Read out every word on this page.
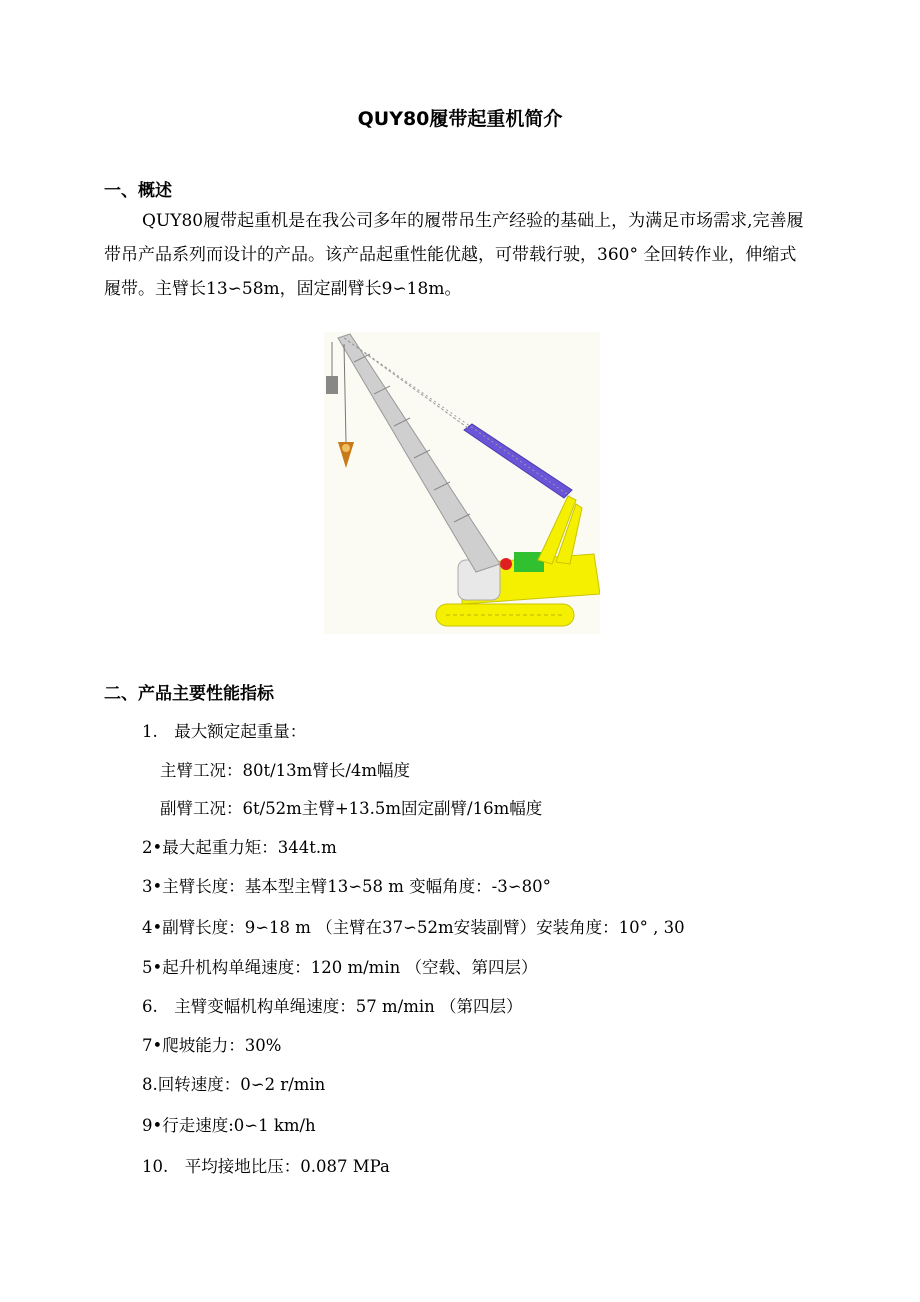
QUY80履带起重机简介
一、概述

QUY80履带起重机是在我公司多年的履带吊生产经验的基础上，为满足市场需求,完善履带吊产品系列而设计的产品。该产品起重性能优越，可带载行驶，360° 全回转作业，伸缩式履带。主臂长13∽58m，固定副臂长9∽18m。

二、产品主要性能指标
1.　最大额定起重量：
主臂工况：80t/13m臂长/4m幅度
副臂工况：6t/52m主臂+13.5m固定副臂/16m幅度
2•最大起重力矩：344t.m
3•主臂长度：基本型主臂13∽58 m 变幅角度：-3∽80°
4•副臂长度：9∽18 m （主臂在37∽52m安装副臂）安装角度：10° , 30
5•起升机构单绳速度：120 m/min （空载、第四层）
6.　主臂变幅机构单绳速度：57 m/min （第四层）
7•爬坡能力：30%
8.回转速度：0∽2 r/min
9•行走速度:0∽1 km/h
10.　平均接地比压：0.087 MPa
